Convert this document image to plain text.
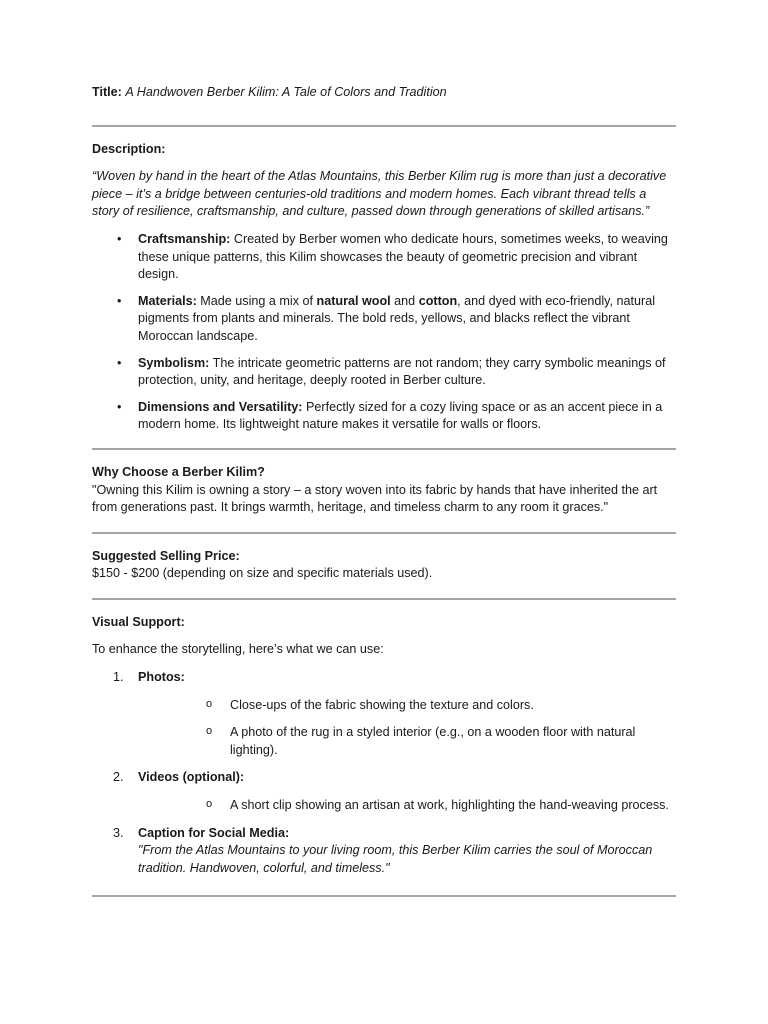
Title: A Handwoven Berber Kilim: A Tale of Colors and Tradition

Description:

“Woven by hand in the heart of the Atlas Mountains, this Berber Kilim rug is more than just a decorative piece – it’s a bridge between centuries-old traditions and modern homes. Each vibrant thread tells a story of resilience, craftsmanship, and culture, passed down through generations of skilled artisans.”

• Craftsmanship: Created by Berber women who dedicate hours, sometimes weeks, to weaving these unique patterns, this Kilim showcases the beauty of geometric precision and vibrant design.
• Materials: Made using a mix of natural wool and cotton, and dyed with eco-friendly, natural pigments from plants and minerals. The bold reds, yellows, and blacks reflect the vibrant Moroccan landscape.
• Symbolism: The intricate geometric patterns are not random; they carry symbolic meanings of protection, unity, and heritage, deeply rooted in Berber culture.
• Dimensions and Versatility: Perfectly sized for a cozy living space or as an accent piece in a modern home. Its lightweight nature makes it versatile for walls or floors.

Why Choose a Berber Kilim?

"Owning this Kilim is owning a story – a story woven into its fabric by hands that have inherited the art from generations past. It brings warmth, heritage, and timeless charm to any room it graces."

Suggested Selling Price:

$150 - $200 (depending on size and specific materials used).

Visual Support:

To enhance the storytelling, here’s what we can use:

1. Photos:
o Close-ups of the fabric showing the texture and colors.
o A photo of the rug in a styled interior (e.g., on a wooden floor with natural lighting).
2. Videos (optional):
o A short clip showing an artisan at work, highlighting the hand-weaving process.
3. Caption for Social Media:

"From the Atlas Mountains to your living room, this Berber Kilim carries the soul of Moroccan tradition. Handwoven, colorful, and timeless."
